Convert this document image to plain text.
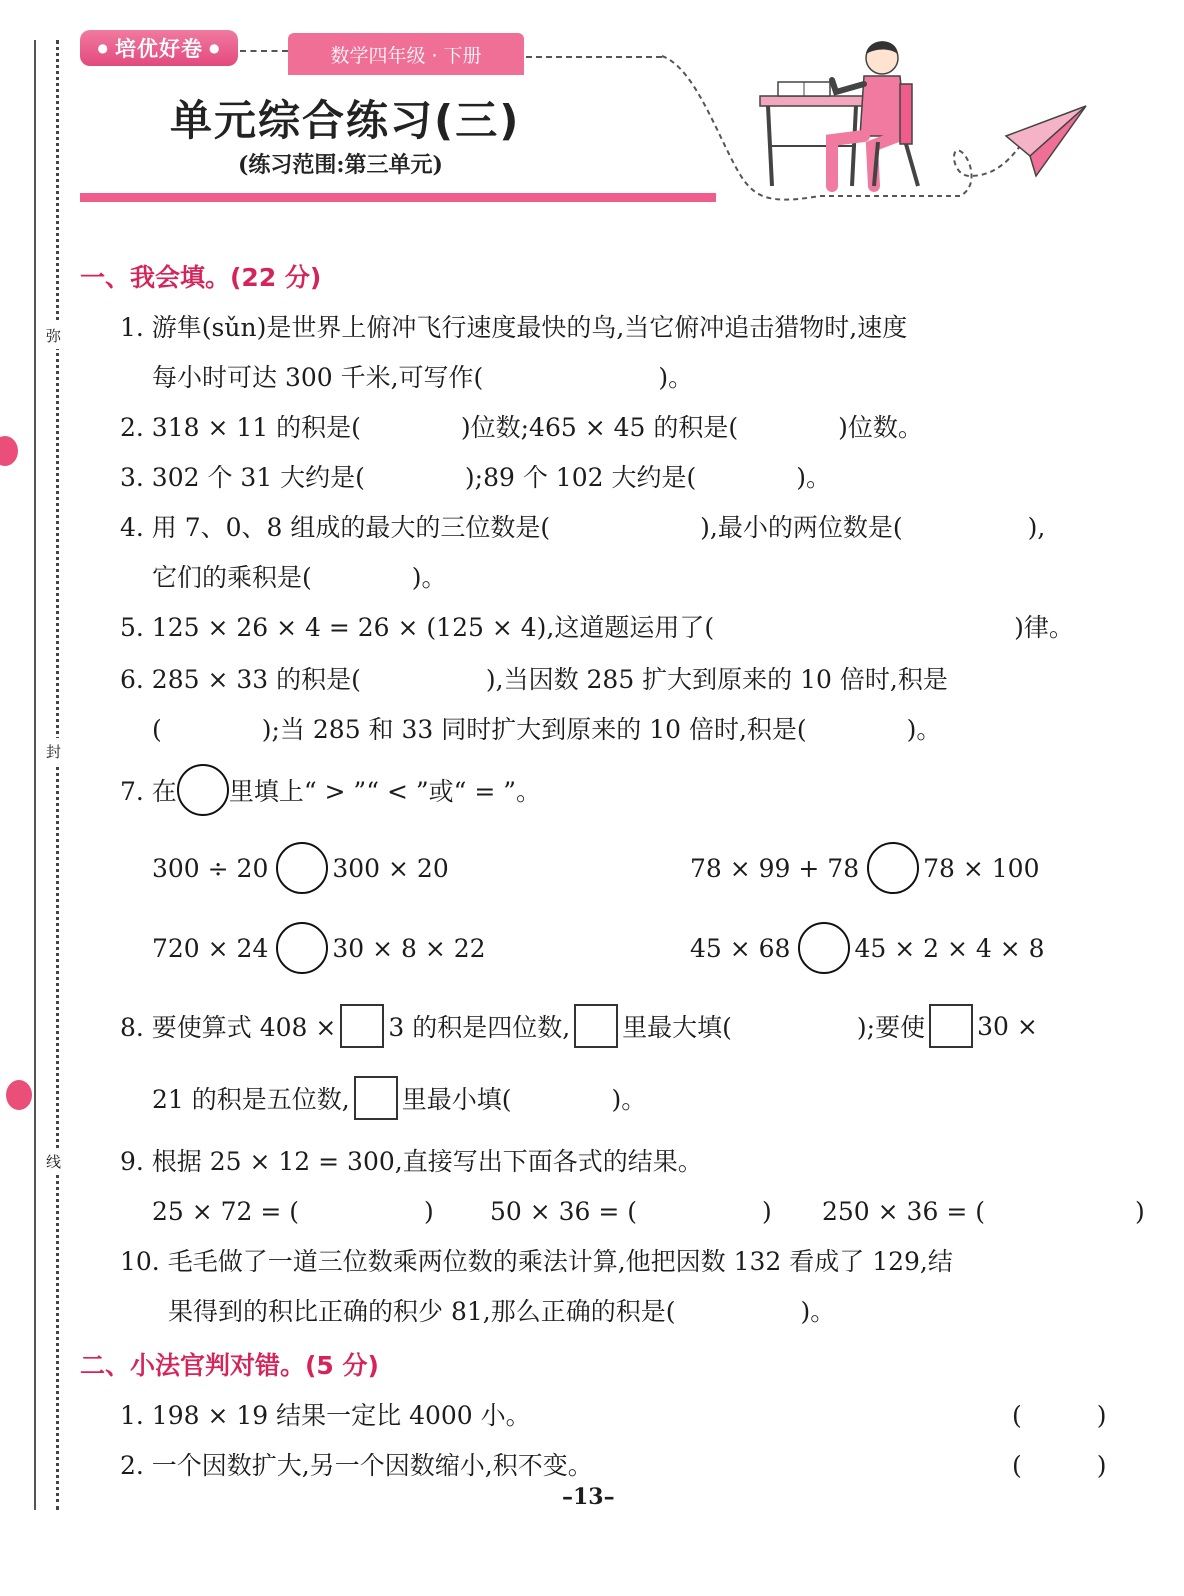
弥
封
线
● 培优好卷 ●	数学四年级 · 下册
单元综合练习(三)
(练习范围:第三单元)
一、我会填。(22 分)
1. 游隼(sǔn)是世界上俯冲飞行速度最快的鸟,当它俯冲追击猎物时,速度
每小时可达 300 千米,可写作(　　　　　　　)。
2. 318 × 11 的积是(　　　　)位数;465 × 45 的积是(　　　　)位数。
3. 302 个 31 大约是(　　　　);89 个 102 大约是(　　　　)。
4. 用 7、0、8 组成的最大的三位数是(　　　　　　),最小的两位数是(　　　　　),
它们的乘积是(　　　　)。
5. 125 × 26 × 4 = 26 × (125 × 4),这道题运用了(　　　　　　　　　　　　)律。
6. 285 × 33 的积是(　　　　　),当因数 285 扩大到原来的 10 倍时,积是
(　　　　);当 285 和 33 同时扩大到原来的 10 倍时,积是(　　　　)。
7. 在 里填上“ > ”“ < ”或“ = ”。
300 ÷ 20	300 × 20	78 × 99 + 78	78 × 100
720 × 24	30 × 8 × 22	45 × 68	45 × 2 × 4 × 8
8. 要使算式 408 × 3 的积是四位数, 里最大填(　　　　　);要使 30 ×
21 的积是五位数, 里最小填(　　　　)。
9. 根据 25 × 12 = 300,直接写出下面各式的结果。
25 × 72 = (　　　　　) 50 × 36 = (　　　　　) 250 × 36 = (　　　　　　)
10. 毛毛做了一道三位数乘两位数的乘法计算,他把因数 132 看成了 129,结
果得到的积比正确的积少 81,那么正确的积是(　　　　　)。
二、小法官判对错。(5 分)
1. 198 × 19 结果一定比 4000 小。	(　　　)
2. 一个因数扩大,另一个因数缩小,积不变。	(　　　)
–13–
